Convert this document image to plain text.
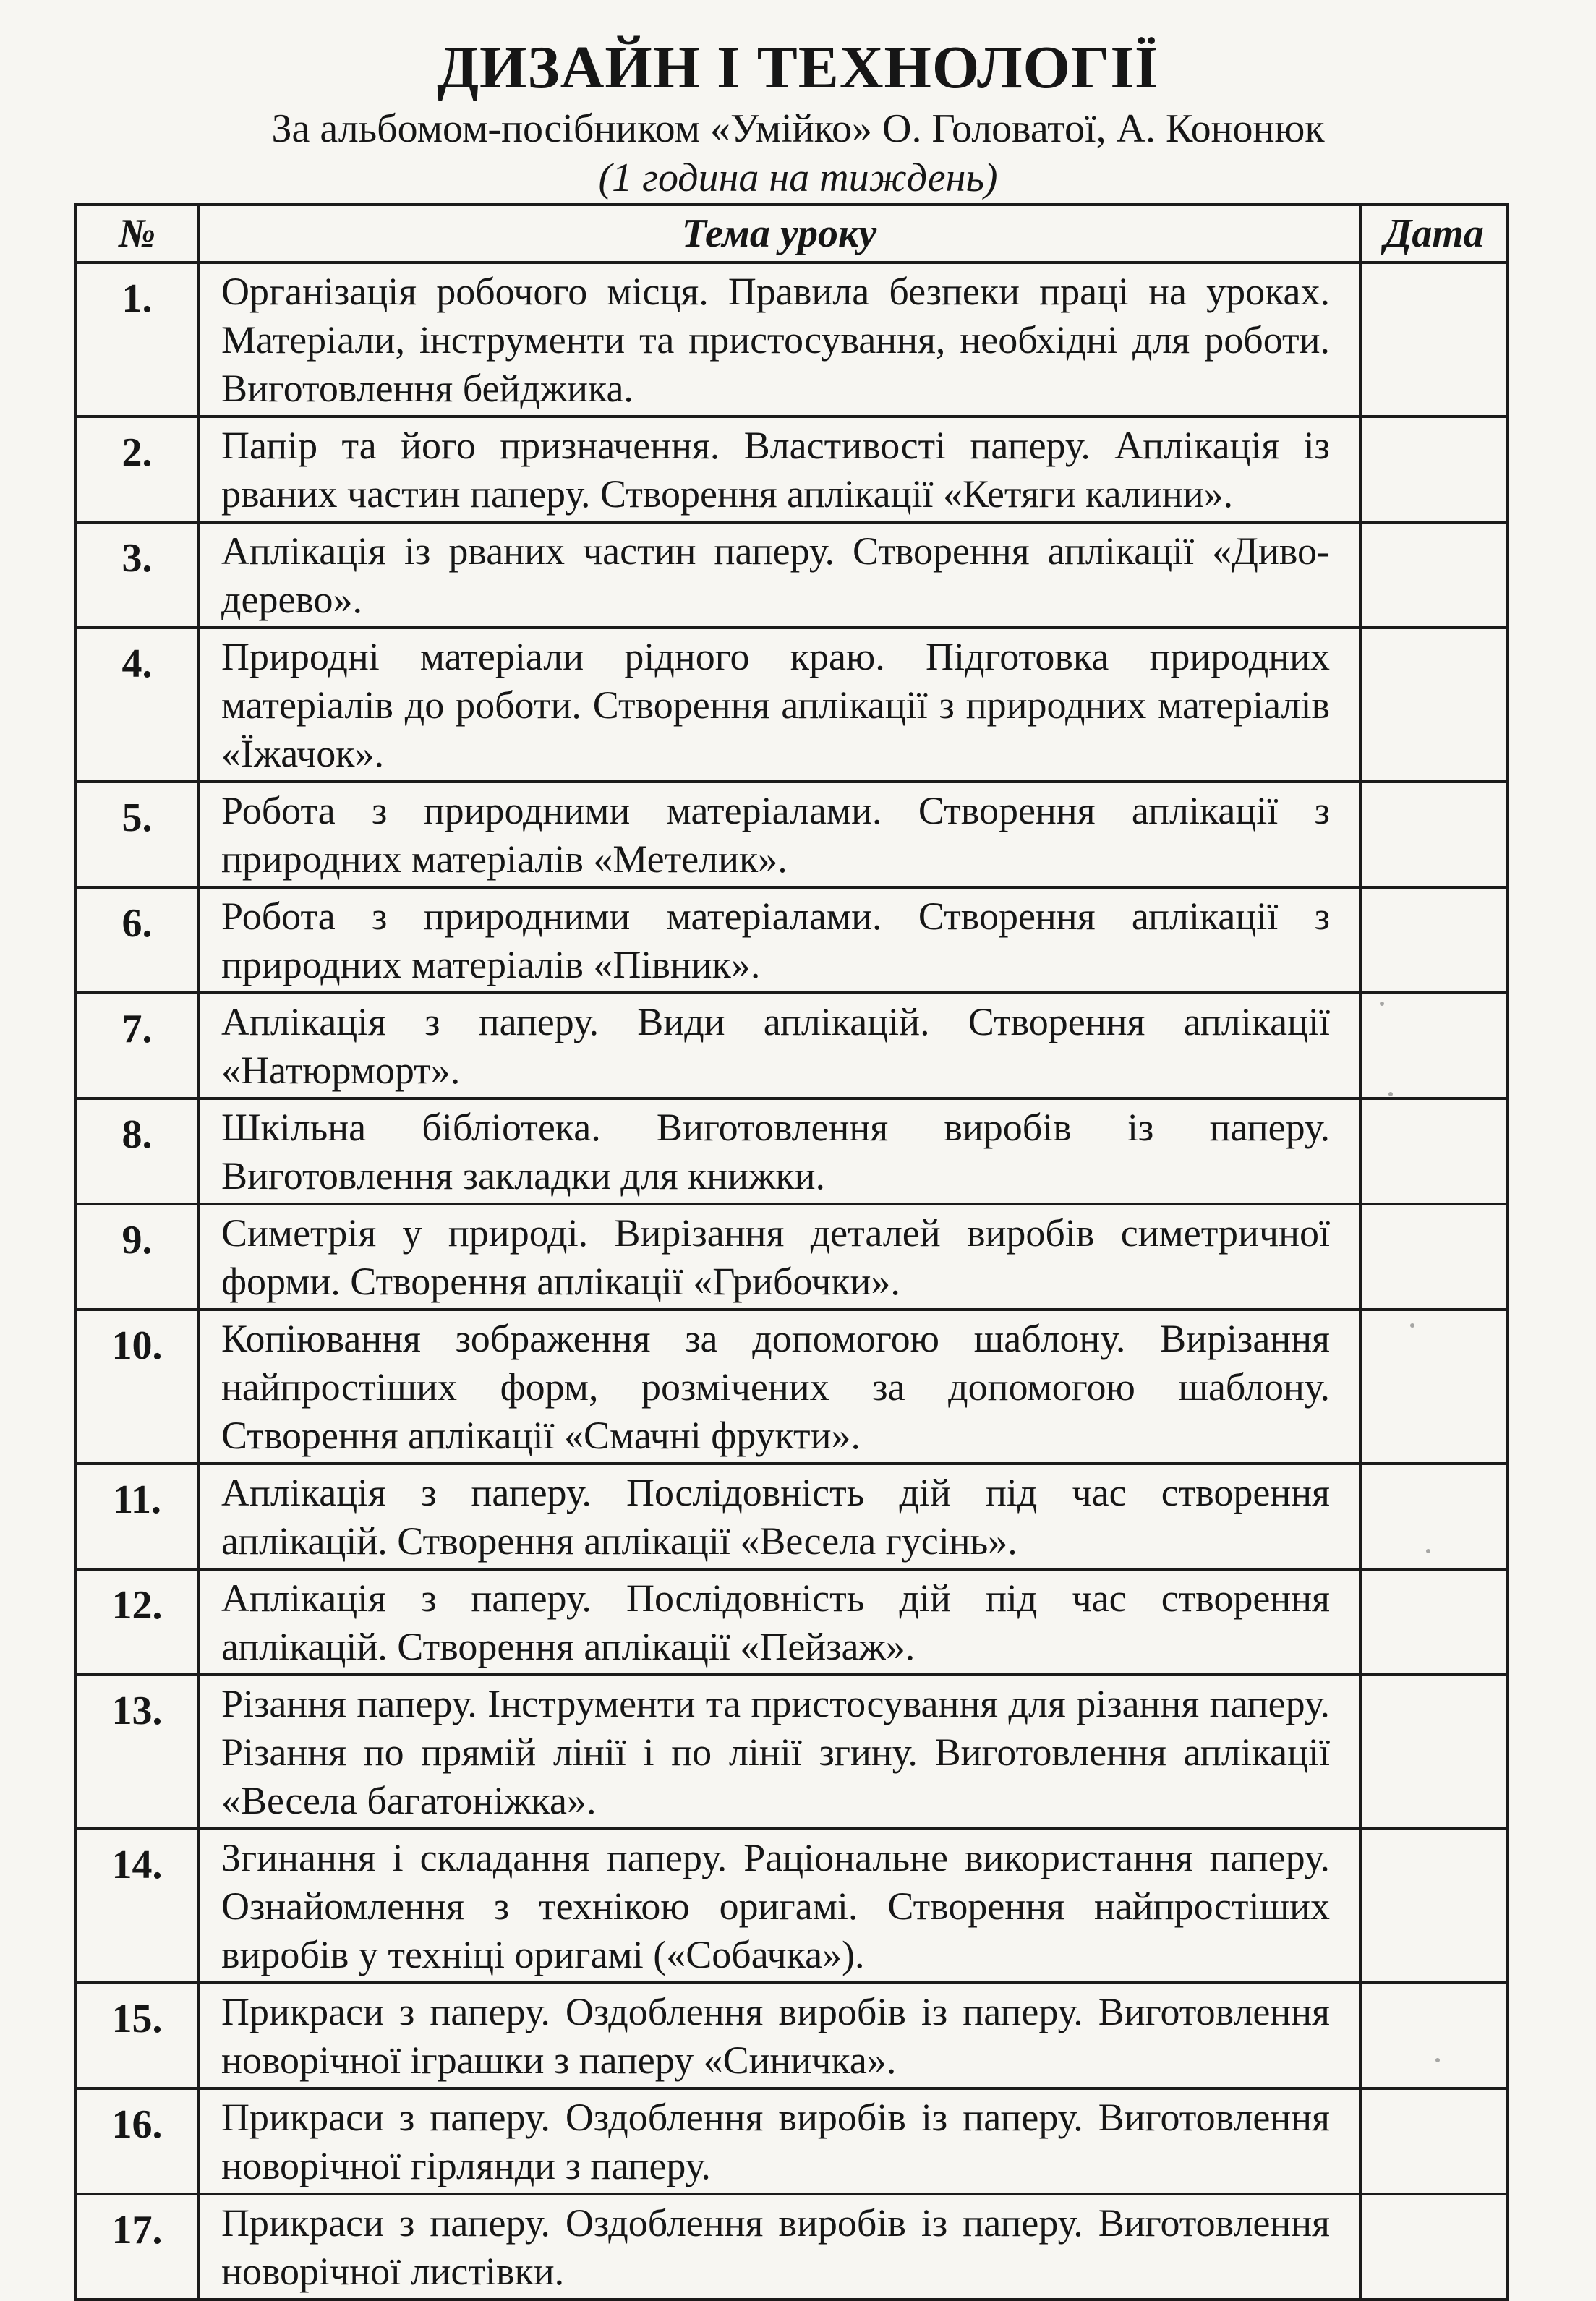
ДИЗАЙН І ТЕХНОЛОГІЇ
За альбомом-посібником «Умійко» О. Головатої, А. Кононюк
(1 година на тиждень)
№	Тема уроку	Дата
1.	Організація робочого місця. Правила безпеки праці на уроках. Матеріали, інструменти та пристосування, необхідні для роботи. Виготовлення бейджика.	
2.	Папір та його призначення. Властивості паперу. Аплікація із рваних частин паперу. Створення аплікації «Кетяги калини».	
3.	Аплікація із рваних частин паперу. Створення аплікації «Диво-дерево».	
4.	Природні матеріали рідного краю. Підготовка природних матеріалів до роботи. Створення аплікації з природних матеріалів «Їжачок».	
5.	Робота з природними матеріалами. Створення аплікації з природних матеріалів «Метелик».	
6.	Робота з природними матеріалами. Створення аплікації з природних матеріалів «Півник».	
7.	Аплікація з паперу. Види аплікацій. Створення аплікації «Натюрморт».	
8.	Шкільна бібліотека. Виготовлення виробів із паперу. Виготовлення закладки для книжки.	
9.	Симетрія у природі. Вирізання деталей виробів симетричної форми. Створення аплікації «Грибочки».	
10.	Копіювання зображення за допомогою шаблону. Вирізання найпростіших форм, розмічених за допомогою шаблону. Створення аплікації «Смачні фрукти».	
11.	Аплікація з паперу. Послідовність дій під час створення аплікацій. Створення аплікації «Весела гусінь».	
12.	Аплікація з паперу. Послідовність дій під час створення аплікацій. Створення аплікації «Пейзаж».	
13.	Різання паперу. Інструменти та пристосування для різання паперу. Різання по прямій лінії і по лінії згину. Виготовлення аплікації «Весела багатоніжка».	
14.	Згинання і складання паперу. Раціональне використання паперу. Ознайомлення з технікою оригамі. Створення найпростіших виробів у техніці оригамі («Собачка»).	
15.	Прикраси з паперу. Оздоблення виробів із паперу. Виготовлення новорічної іграшки з паперу «Синичка».	
16.	Прикраси з паперу. Оздоблення виробів із паперу. Виготовлення новорічної гірлянди з паперу.	
17.	Прикраси з паперу. Оздоблення виробів із паперу. Виготовлення новорічної листівки.	
